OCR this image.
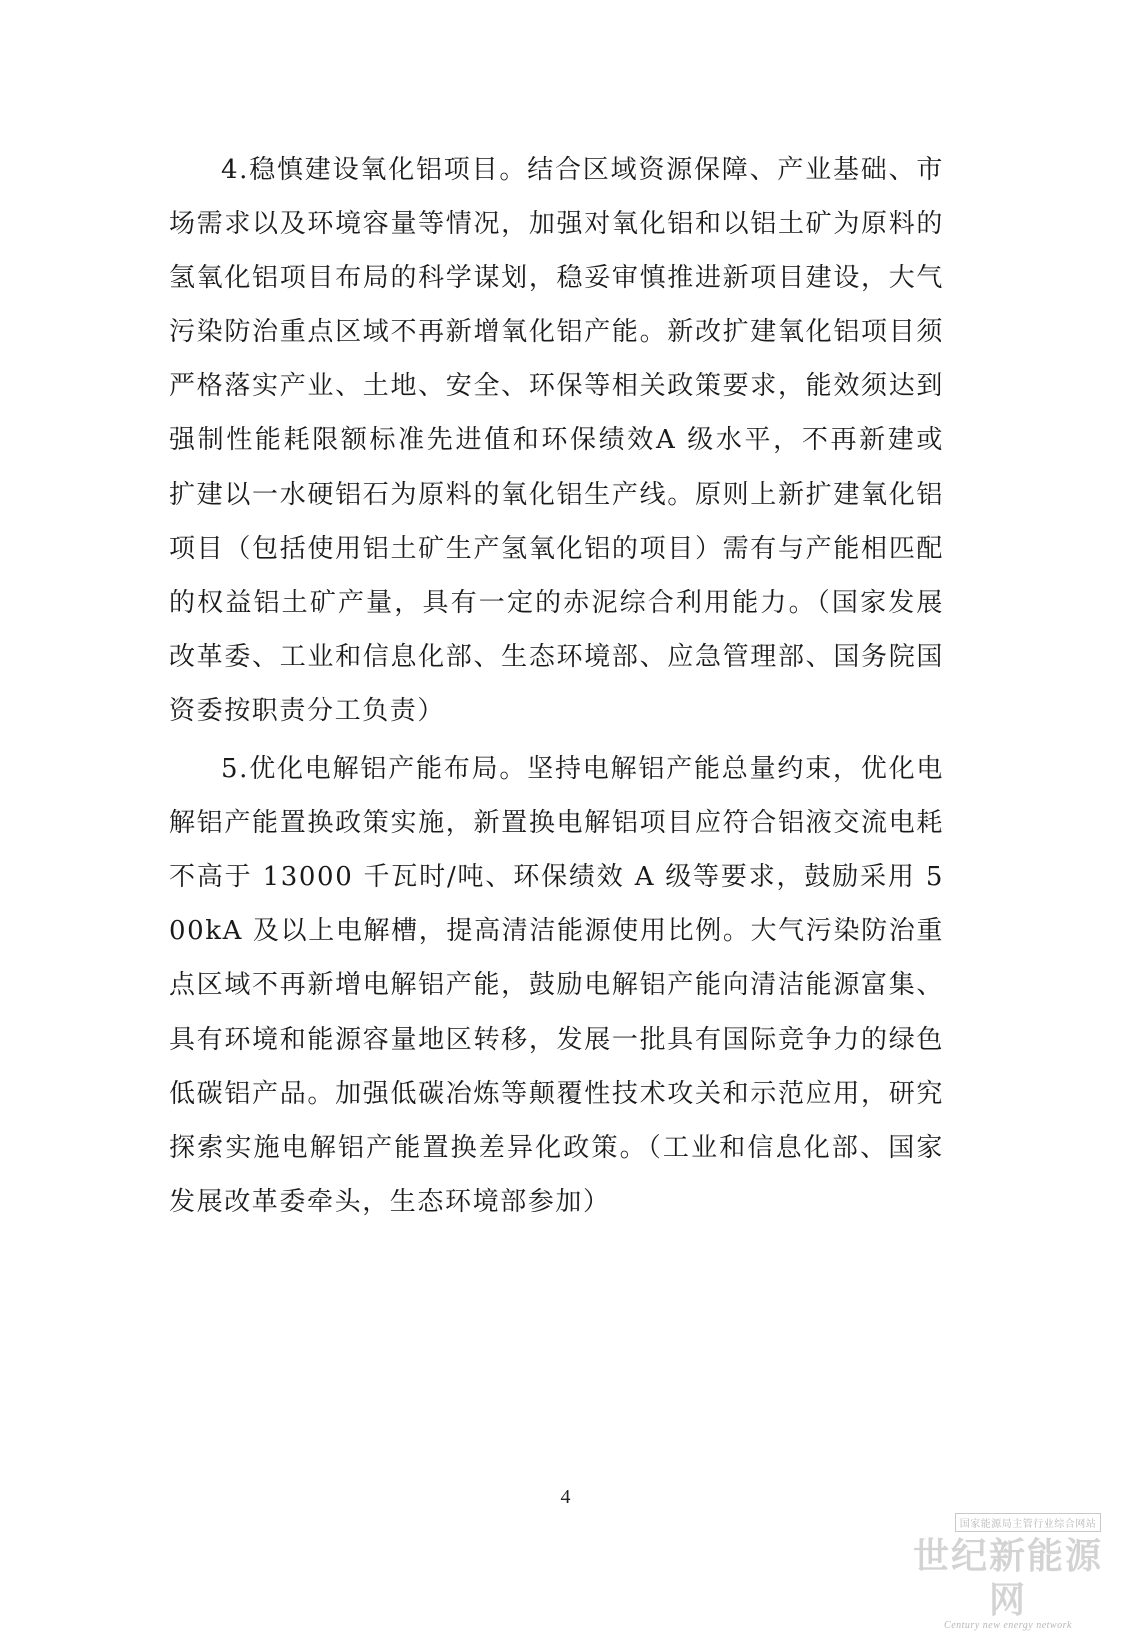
4.稳慎建设氧化铝项目。结合区域资源保障、产业基础、市场需求以及环境容量等情况，加强对氧化铝和以铝土矿为原料的氢氧化铝项目布局的科学谋划，稳妥审慎推进新项目建设，大气污染防治重点区域不再新增氧化铝产能。新改扩建氧化铝项目须严格落实产业、土地、安全、环保等相关政策要求，能效须达到强制性能耗限额标准先进值和环保绩效A 级水平，不再新建或扩建以一水硬铝石为原料的氧化铝生产线。原则上新扩建氧化铝项目（包括使用铝土矿生产氢氧化铝的项目）需有与产能相匹配的权益铝土矿产量，具有一定的赤泥综合利用能力。（国家发展改革委、工业和信息化部、生态环境部、应急管理部、国务院国资委按职责分工负责）

5.优化电解铝产能布局。坚持电解铝产能总量约束，优化电解铝产能置换政策实施，新置换电解铝项目应符合铝液交流电耗不高于 13000 千瓦时/吨、环保绩效 A 级等要求，鼓励采用 500kA 及以上电解槽，提高清洁能源使用比例。大气污染防治重点区域不再新增电解铝产能，鼓励电解铝产能向清洁能源富集、具有环境和能源容量地区转移，发展一批具有国际竞争力的绿色低碳铝产品。加强低碳冶炼等颠覆性技术攻关和示范应用，研究探索实施电解铝产能置换差异化政策。（工业和信息化部、国家发展改革委牵头，生态环境部参加）

4
国家能源局主管行业综合网站
世纪新能源网
Century new energy network
